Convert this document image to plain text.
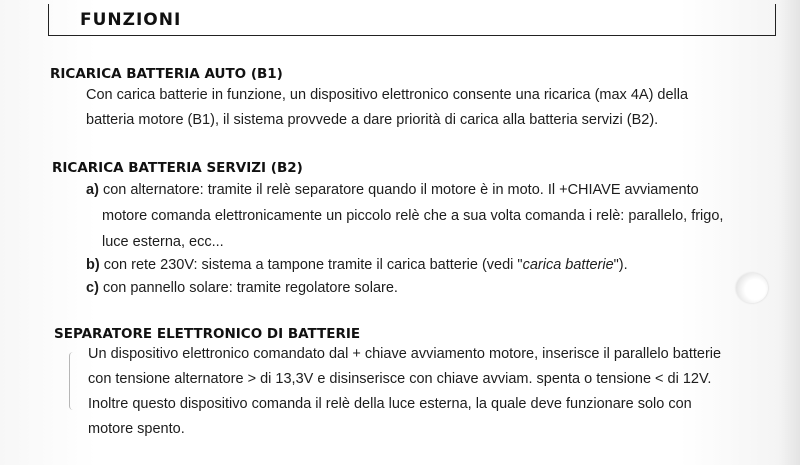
FUNZIONI
RICARICA BATTERIA AUTO (B1)
Con carica batterie in funzione, un dispositivo elettronico consente una ricarica (max 4A) della
batteria motore (B1), il sistema provvede a dare priorità di carica alla batteria servizi (B2).
RICARICA BATTERIA SERVIZI (B2)
a) con alternatore: tramite il relè separatore quando il motore è in moto. Il +CHIAVE avviamento
motore comanda elettronicamente un piccolo relè che a sua volta comanda i relè: parallelo, frigo,
luce esterna, ecc...
b) con rete 230V: sistema a tampone tramite il carica batterie (vedi "carica batterie").
c) con pannello solare: tramite regolatore solare.
SEPARATORE ELETTRONICO DI BATTERIE
Un dispositivo elettronico comandato dal + chiave avviamento motore, inserisce il parallelo batterie
con tensione alternatore > di 13,3V e disinserisce con chiave avviam. spenta o tensione < di 12V.
Inoltre questo dispositivo comanda il relè della luce esterna, la quale deve funzionare solo con
motore spento.
